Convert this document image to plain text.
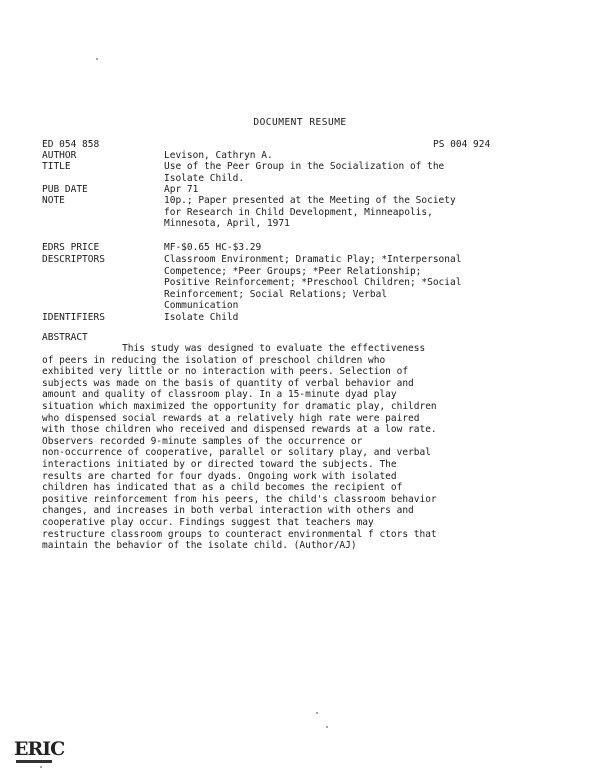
DOCUMENT RESUME
ED 054 858	PS 004 924
AUTHOR	Levison, Cathryn A.
TITLE	Use of the Peer Group in the Socialization of the
Isolate Child.
PUB DATE	Apr 71
NOTE	10p.; Paper presented at the Meeting of the Society
for Research in Child Development, Minneapolis,
Minnesota, April, 1971
EDRS PRICE	MF-$0.65 HC-$3.29
DESCRIPTORS	Classroom Environment; Dramatic Play; *Interpersonal
Competence; *Peer Groups; *Peer Relationship;
Positive Reinforcement; *Preschool Children; *Social
Reinforcement; Social Relations; Verbal
Communication
IDENTIFIERS	Isolate Child
ABSTRACT
This study was designed to evaluate the effectiveness
of peers in reducing the isolation of preschool children who
exhibited very little or no interaction with peers. Selection of
subjects was made on the basis of quantity of verbal behavior and
amount and quality of classroom play. In a 15-minute dyad play
situation which maximized the opportunity for dramatic play, children
who dispensed social rewards at a relatively high rate were paired
with those children who received and dispensed rewards at a low rate.
Observers recorded 9-minute samples of the occurrence or
non-occurrence of cooperative, parallel or solitary play, and verbal
interactions initiated by or directed toward the subjects. The
results are charted for four dyads. Ongoing work with isolated
children has indicated that as a child becomes the recipient of
positive reinforcement from his peers, the child's classroom behavior
changes, and increases in both verbal interaction with others and
cooperative play occur. Findings suggest that teachers may
restructure classroom groups to counteract environmental f ctors that
maintain the behavior of the isolate child. (Author/AJ)
ERIC
